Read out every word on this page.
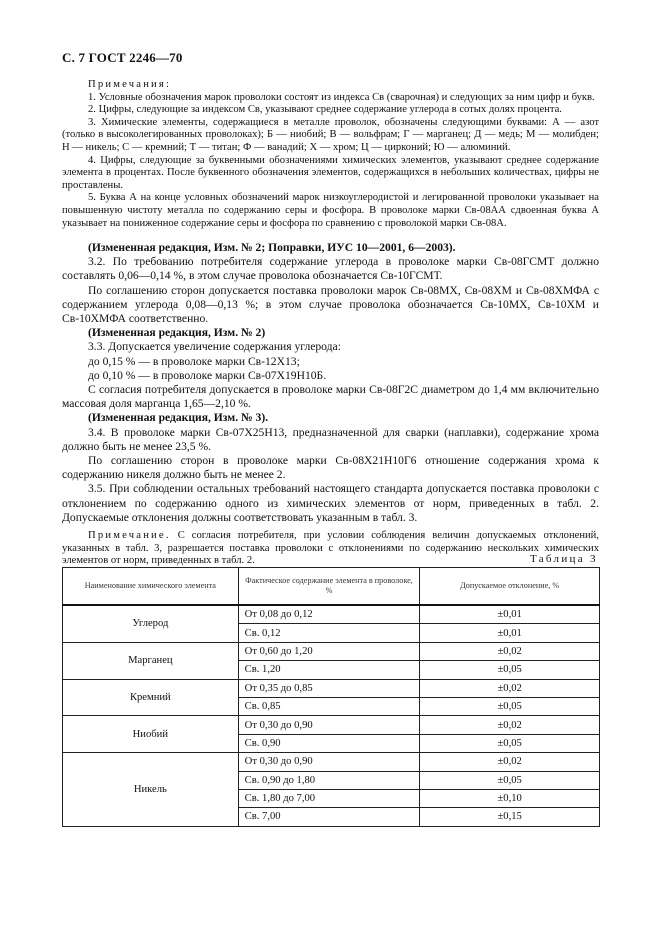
С. 7 ГОСТ 2246—70

Примечания:

1. Условные обозначения марок проволоки состоят из индекса Св (сварочная) и следующих за ним цифр и букв.

2. Цифры, следующие за индексом Св, указывают среднее содержание углерода в сотых долях процента.

3. Химические элементы, содержащиеся в металле проволок, обозначены следующими буквами: А — азот (только в высоколегированных проволоках); Б — ниобий; В — вольфрам; Г — марганец; Д — медь; М — молибден; Н — никель; С — кремний; Т — титан; Ф — ванадий; Х — хром; Ц — цирконий; Ю — алюминий.

4. Цифры, следующие за буквенными обозначениями химических элементов, указывают среднее содержание элемента в процентах. После буквенного обозначения элементов, содержащихся в небольших количествах, цифры не проставлены.

5. Буква А на конце условных обозначений марок низкоуглеродистой и легированной проволоки указывает на повышенную чистоту металла по содержанию серы и фосфора. В проволоке марки Св-08АА сдвоенная буква А указывает на пониженное содержание серы и фосфора по сравнению с проволокой марки Св-08А.

(Измененная редакция, Изм. № 2; Поправки, ИУС 10—2001, 6—2003).

3.2. По требованию потребителя содержание углерода в проволоке марки Св-08ГСМТ должно составлять 0,06—0,14 %, в этом случае проволока обозначается Св-10ГСМТ.

По соглашению сторон допускается поставка проволоки марок Св-08МХ, Св-08ХМ и Св-08ХМФА с содержанием углерода 0,08—0,13 %; в этом случае проволока обозначается Св-10МХ, Св-10ХМ и Св-10ХМФА соответственно.

(Измененная редакция, Изм. № 2)

3.3. Допускается увеличение содержания углерода:

до 0,15 % — в проволоке марки Св-12Х13;

до 0,10 % — в проволоке марки Св-07Х19Н10Б.

С согласия потребителя допускается в проволоке марки Св-08Г2С диаметром до 1,4 мм включительно массовая доля марганца 1,65—2,10 %.

(Измененная редакция, Изм. № 3).

3.4. В проволоке марки Св-07Х25Н13, предназначенной для сварки (наплавки), содержание хрома должно быть не менее 23,5 %.

По соглашению сторон в проволоке марки Св-08Х21Н10Г6 отношение содержания хрома к содержанию никеля должно быть не менее 2.

3.5. При соблюдении остальных требований настоящего стандарта допускается поставка проволоки с отклонением по содержанию одного из химических элементов от норм, приведенных в табл. 2. Допускаемые отклонения должны соответствовать указанным в табл. 3.

Примечание. С согласия потребителя, при условии соблюдения величин допускаемых отклонений, указанных в табл. 3, разрешается поставка проволоки с отклонениями по содержанию нескольких химических элементов от норм, приведенных в табл. 2.	Таблица 3
Наименование химического элемента	Фактическое содержание элемента в проволоке, %	Допускаемое отклонение, %
Углерод	От 0,08 до 0,12	±0,01
	Св. 0,12	±0,01
Марганец	От 0,60 до 1,20	±0,02
	Св. 1,20	±0,05
Кремний	От 0,35 до 0,85	±0,02
	Св. 0,85	±0,05
Ниобий	От 0,30 до 0,90	±0,02
	Св. 0,90	±0,05
Никель	От 0,30 до 0,90	±0,02
	Св. 0,90 до 1,80	±0,05
	Св. 1,80 до 7,00	±0,10
	Св. 7,00	±0,15
